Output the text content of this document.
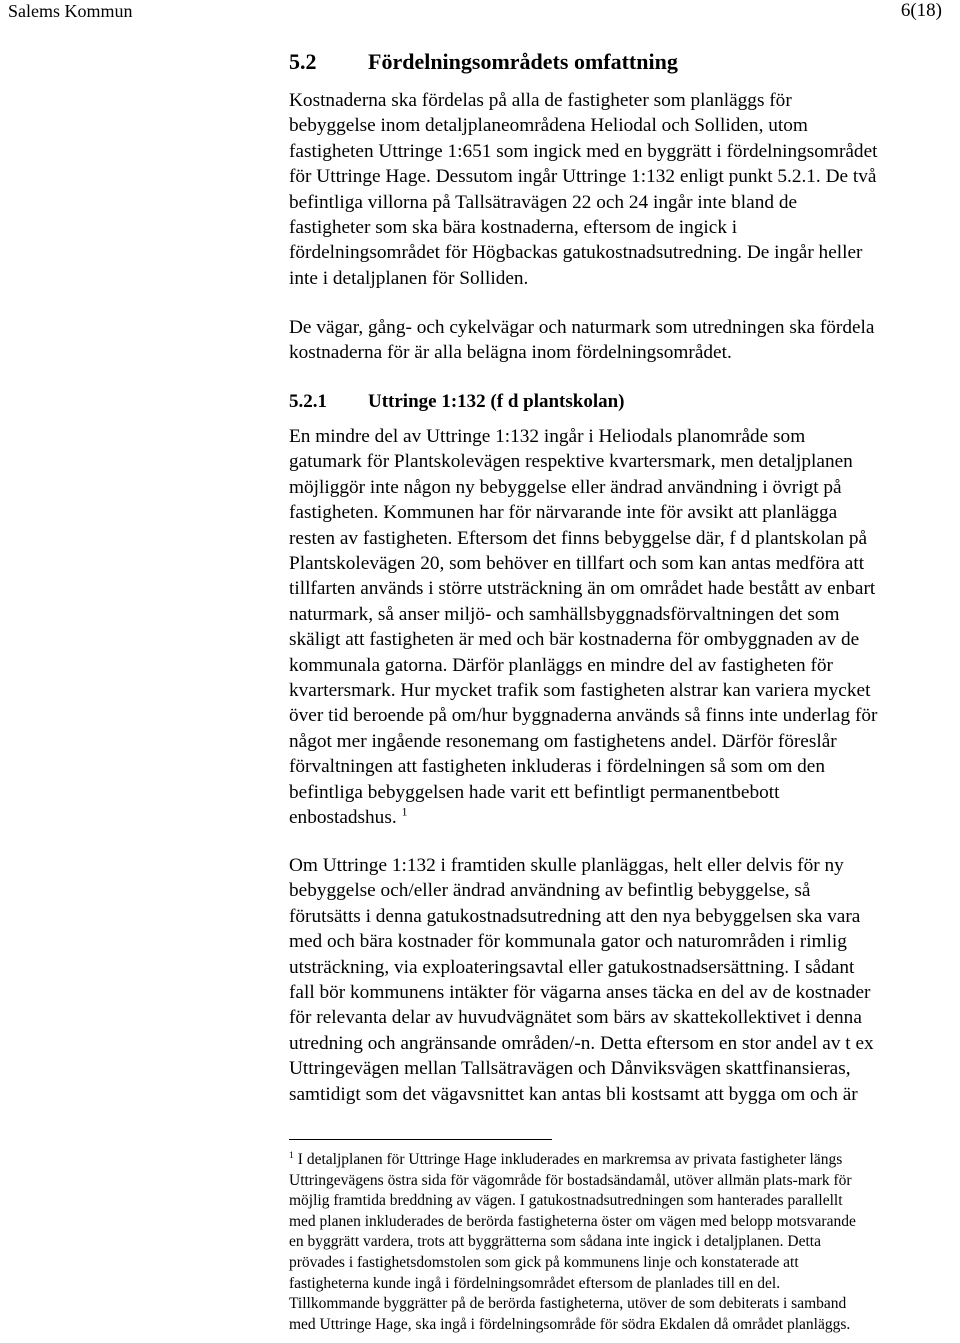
Salems Kommun	6(18)
5.2 Fördelningsområdets omfattning

Kostnaderna ska fördelas på alla de fastigheter som planläggs för
bebyggelse inom detaljplaneområdena Heliodal och Solliden, utom
fastigheten Uttringe 1:651 som ingick med en byggrätt i fördelningsområdet
för Uttringe Hage. Dessutom ingår Uttringe 1:132 enligt punkt 5.2.1. De två
befintliga villorna på Tallsätravägen 22 och 24 ingår inte bland de
fastigheter som ska bära kostnaderna, eftersom de ingick i
fördelningsområdet för Högbackas gatukostnadsutredning. De ingår heller
inte i detaljplanen för Solliden.

De vägar, gång- och cykelvägar och naturmark som utredningen ska fördela
kostnaderna för är alla belägna inom fördelningsområdet.

5.2.1 Uttringe 1:132 (f d plantskolan)

En mindre del av Uttringe 1:132 ingår i Heliodals planområde som
gatumark för Plantskolevägen respektive kvartersmark, men detaljplanen
möjliggör inte någon ny bebyggelse eller ändrad användning i övrigt på
fastigheten. Kommunen har för närvarande inte för avsikt att planlägga
resten av fastigheten. Eftersom det finns bebyggelse där, f d plantskolan på
Plantskolevägen 20, som behöver en tillfart och som kan antas medföra att
tillfarten används i större utsträckning än om området hade bestått av enbart
naturmark, så anser miljö- och samhällsbyggnadsförvaltningen det som
skäligt att fastigheten är med och bär kostnaderna för ombyggnaden av de
kommunala gatorna. Därför planläggs en mindre del av fastigheten för
kvartersmark. Hur mycket trafik som fastigheten alstrar kan variera mycket
över tid beroende på om/hur byggnaderna används så finns inte underlag för
något mer ingående resonemang om fastighetens andel. Därför föreslår
förvaltningen att fastigheten inkluderas i fördelningen så som om den
befintliga bebyggelsen hade varit ett befintligt permanentbebott
enbostadshus. $^1$

Om Uttringe 1:132 i framtiden skulle planläggas, helt eller delvis för ny
bebyggelse och/eller ändrad användning av befintlig bebyggelse, så
förutsätts i denna gatukostnadsutredning att den nya bebyggelsen ska vara
med och bära kostnader för kommunala gator och naturområden i rimlig
utsträckning, via exploateringsavtal eller gatukostnadsersättning. I sådant
fall bör kommunens intäkter för vägarna anses täcka en del av de kostnader
för relevanta delar av huvudvägnätet som bärs av skattekollektivet i denna
utredning och angränsande områden/-n. Detta eftersom en stor andel av t ex
Uttringevägen mellan Tallsätravägen och Dånviksvägen skattfinansieras,
samtidigt som det vägavsnittet kan antas bli kostsamt att bygga om och är

$^1$ I detaljplanen för Uttringe Hage inkluderades en markremsa av privata fastigheter längs
Uttringevägens östra sida för vägområde för bostadsändamål, utöver allmän plats-mark för
möjlig framtida breddning av vägen. I gatukostnadsutredningen som hanterades parallellt
med planen inkluderades de berörda fastigheterna öster om vägen med belopp motsvarande
en byggrätt vardera, trots att byggrätterna som sådana inte ingick i detaljplanen. Detta
prövades i fastighetsdomstolen som gick på kommunens linje och konstaterade att
fastigheterna kunde ingå i fördelningsområdet eftersom de planlades till en del.
Tillkommande byggrätter på de berörda fastigheterna, utöver de som debiterats i samband
med Uttringe Hage, ska ingå i fördelningsområde för södra Ekdalen då området planläggs.
